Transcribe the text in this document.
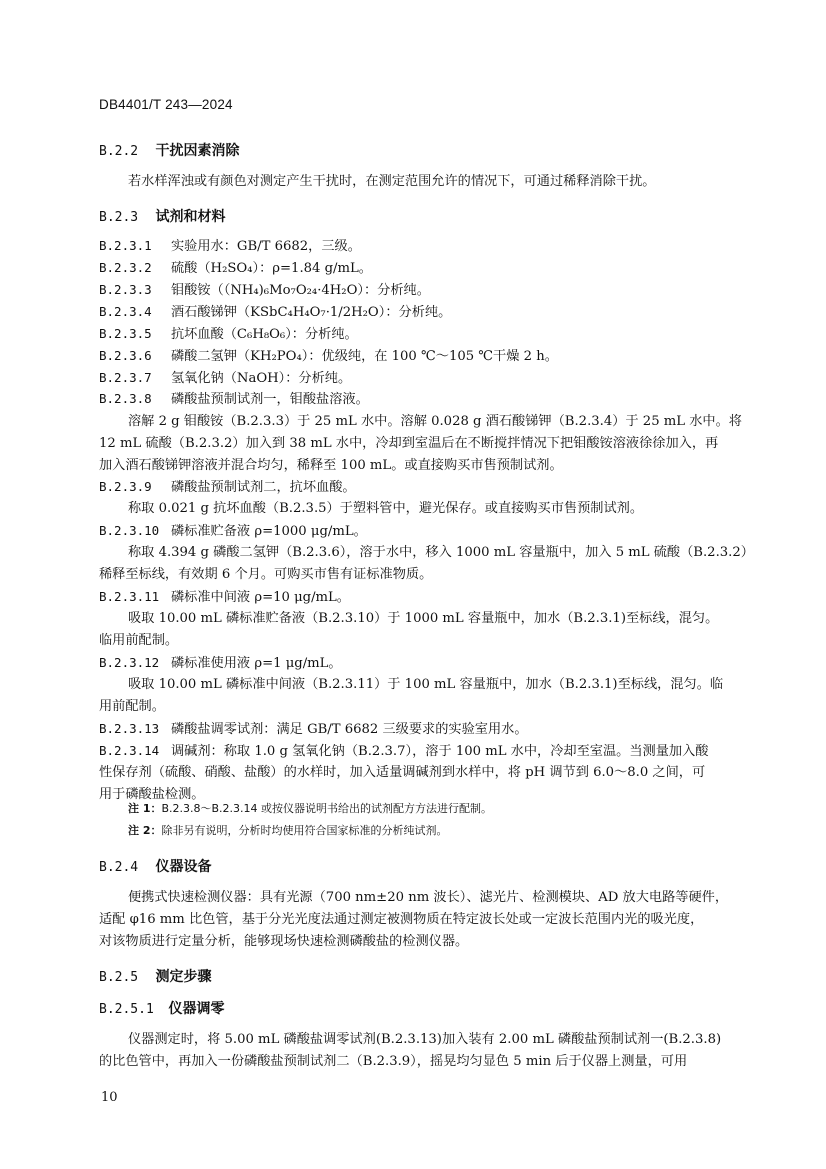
DB4401/T 243—2024
B.2.2 干扰因素消除
若水样浑浊或有颜色对测定产生干扰时，在测定范围允许的情况下，可通过稀释消除干扰。
B.2.3 试剂和材料
B.2.3.1 实验用水：GB/T 6682，三级。
B.2.3.2 硫酸（H₂SO₄）：ρ=1.84 g/mL。
B.2.3.3 钼酸铵（（NH₄)₆Mo₇O₂₄·4H₂O）：分析纯。
B.2.3.4 酒石酸锑钾（KSbC₄H₄O₇·1/2H₂O）：分析纯。
B.2.3.5 抗坏血酸（C₆H₈O₆）：分析纯。
B.2.3.6 磷酸二氢钾（KH₂PO₄）：优级纯，在 100 ℃～105 ℃干燥 2 h。
B.2.3.7 氢氧化钠（NaOH）：分析纯。
B.2.3.8 磷酸盐预制试剂一，钼酸盐溶液。
溶解 2 g 钼酸铵（B.2.3.3）于 25 mL 水中。溶解 0.028 g 酒石酸锑钾（B.2.3.4）于 25 mL 水中。将
12 mL 硫酸（B.2.3.2）加入到 38 mL 水中，冷却到室温后在不断搅拌情况下把钼酸铵溶液徐徐加入，再
加入酒石酸锑钾溶液并混合均匀，稀释至 100 mL。或直接购买市售预制试剂。
B.2.3.9 磷酸盐预制试剂二，抗坏血酸。
称取 0.021 g 抗坏血酸（B.2.3.5）于塑料管中，避光保存。或直接购买市售预制试剂。
B.2.3.10 磷标准贮备液 ρ=1000 μg/mL。
称取 4.394 g 磷酸二氢钾（B.2.3.6），溶于水中，移入 1000 mL 容量瓶中，加入 5 mL 硫酸（B.2.3.2）
稀释至标线，有效期 6 个月。可购买市售有证标准物质。
B.2.3.11 磷标准中间液 ρ=10 μg/mL。
吸取 10.00 mL 磷标准贮备液（B.2.3.10）于 1000 mL 容量瓶中，加水（B.2.3.1)至标线，混匀。
临用前配制。
B.2.3.12 磷标准使用液 ρ=1 μg/mL。
吸取 10.00 mL 磷标准中间液（B.2.3.11）于 100 mL 容量瓶中，加水（B.2.3.1)至标线，混匀。临
用前配制。
B.2.3.13 磷酸盐调零试剂：满足 GB/T 6682 三级要求的实验室用水。
B.2.3.14 调碱剂：称取 1.0 g 氢氧化钠（B.2.3.7），溶于 100 mL 水中，冷却至室温。当测量加入酸
性保存剂（硫酸、硝酸、盐酸）的水样时，加入适量调碱剂到水样中，将 pH 调节到 6.0～8.0 之间，可
用于磷酸盐检测。
注 1：B.2.3.8～B.2.3.14 或按仪器说明书给出的试剂配方方法进行配制。
注 2：除非另有说明，分析时均使用符合国家标准的分析纯试剂。
B.2.4 仪器设备
便携式快速检测仪器：具有光源（700 nm±20 nm 波长）、滤光片、检测模块、AD 放大电路等硬件，
适配 φ16 mm 比色管，基于分光光度法通过测定被测物质在特定波长处或一定波长范围内光的吸光度，
对该物质进行定量分析，能够现场快速检测磷酸盐的检测仪器。
B.2.5 测定步骤
B.2.5.1 仪器调零
仪器测定时，将 5.00 mL 磷酸盐调零试剂(B.2.3.13)加入装有 2.00 mL 磷酸盐预制试剂一(B.2.3.8)
的比色管中，再加入一份磷酸盐预制试剂二（B.2.3.9），摇晃均匀显色 5 min 后于仪器上测量，可用
10
